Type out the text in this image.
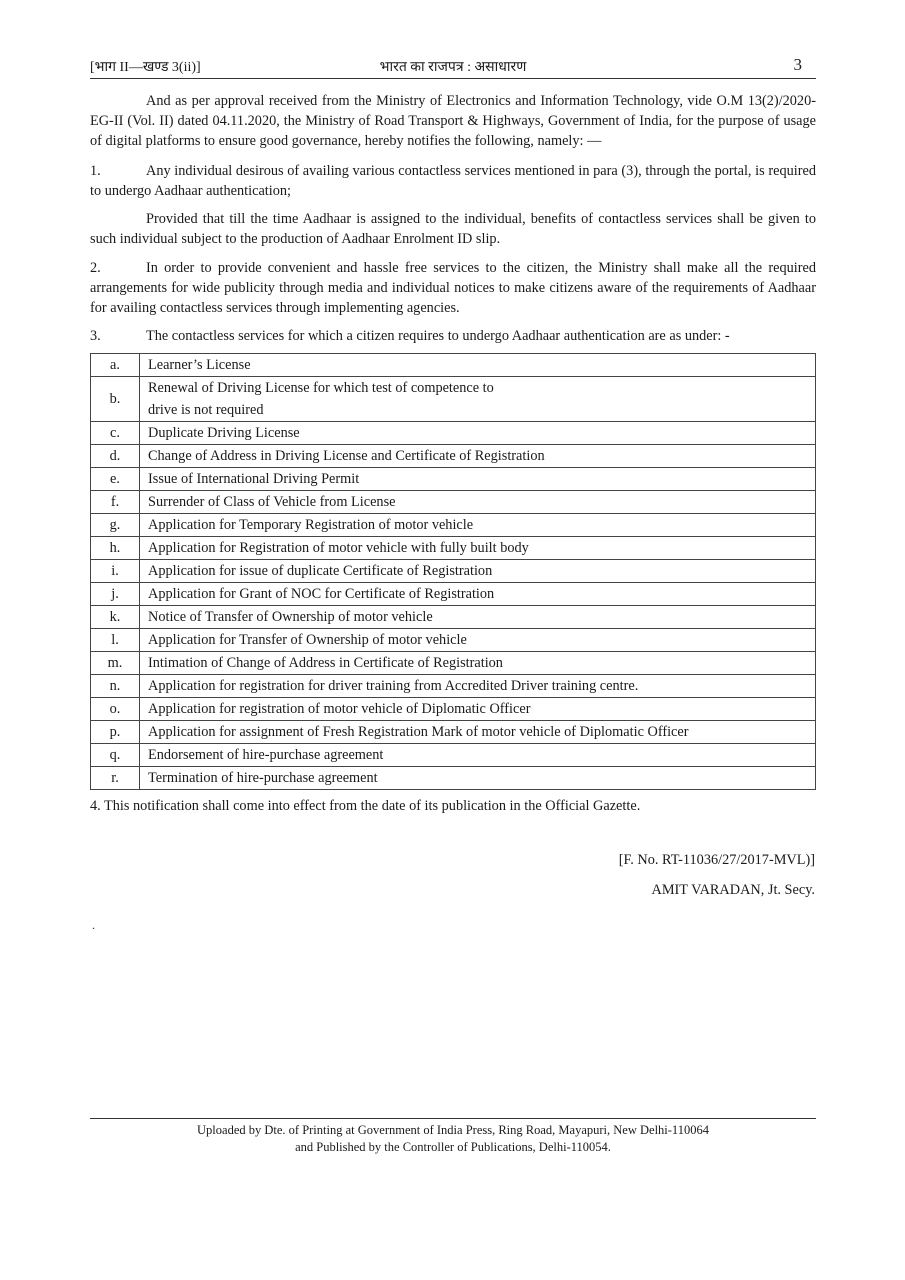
[भाग II—खण्ड 3(ii)]	भारत का राजपत्र : असाधारण	3

And as per approval received from the Ministry of Electronics and Information Technology, vide O.M 13(2)/2020-EG-II (Vol. II) dated 04.11.2020, the Ministry of Road Transport & Highways, Government of India, for the purpose of usage of digital platforms to ensure good governance, hereby notifies the following, namely: —

1.	Any individual desirous of availing various contactless services mentioned in para (3), through the portal, is required to undergo Aadhaar authentication;

Provided that till the time Aadhaar is assigned to the individual, benefits of contactless services shall be given to such individual subject to the production of Aadhaar Enrolment ID slip.

2.	In order to provide convenient and hassle free services to the citizen, the Ministry shall make all the required arrangements for wide publicity through media and individual notices to make citizens aware of the requirements of Aadhaar for availing contactless services through implementing agencies.
3.	The contactless services for which a citizen requires to undergo Aadhaar authentication are as under: -
a.	Learner’s License
b.	Renewal of Driving License for which test of competence to
drive is not required

c.	Duplicate Driving License
d.	Change of Address in Driving License and Certificate of Registration
e.	Issue of International Driving Permit
f.	Surrender of Class of Vehicle from License
g.	Application for Temporary Registration of motor vehicle
h.	Application for Registration of motor vehicle with fully built body
i.	Application for issue of duplicate Certificate of Registration
j.	Application for Grant of NOC for Certificate of Registration
k.	Notice of Transfer of Ownership of motor vehicle
l.	Application for Transfer of Ownership of motor vehicle
m.	Intimation of Change of Address in Certificate of Registration
n.	Application for registration for driver training from Accredited Driver training centre.
o.	Application for registration of motor vehicle of Diplomatic Officer
p.	Application for assignment of Fresh Registration Mark of motor vehicle of Diplomatic Officer
q.	Endorsement of hire-purchase agreement
r.	Termination of hire-purchase agreement
4. This notification shall come into effect from the date of its publication in the Official Gazette.
[F. No. RT-11036/27/2017-MVL)]
AMIT VARADAN, Jt. Secy.
.
Uploaded by Dte. of Printing at Government of India Press, Ring Road, Mayapuri, New Delhi-110064
and Published by the Controller of Publications, Delhi-110054.
